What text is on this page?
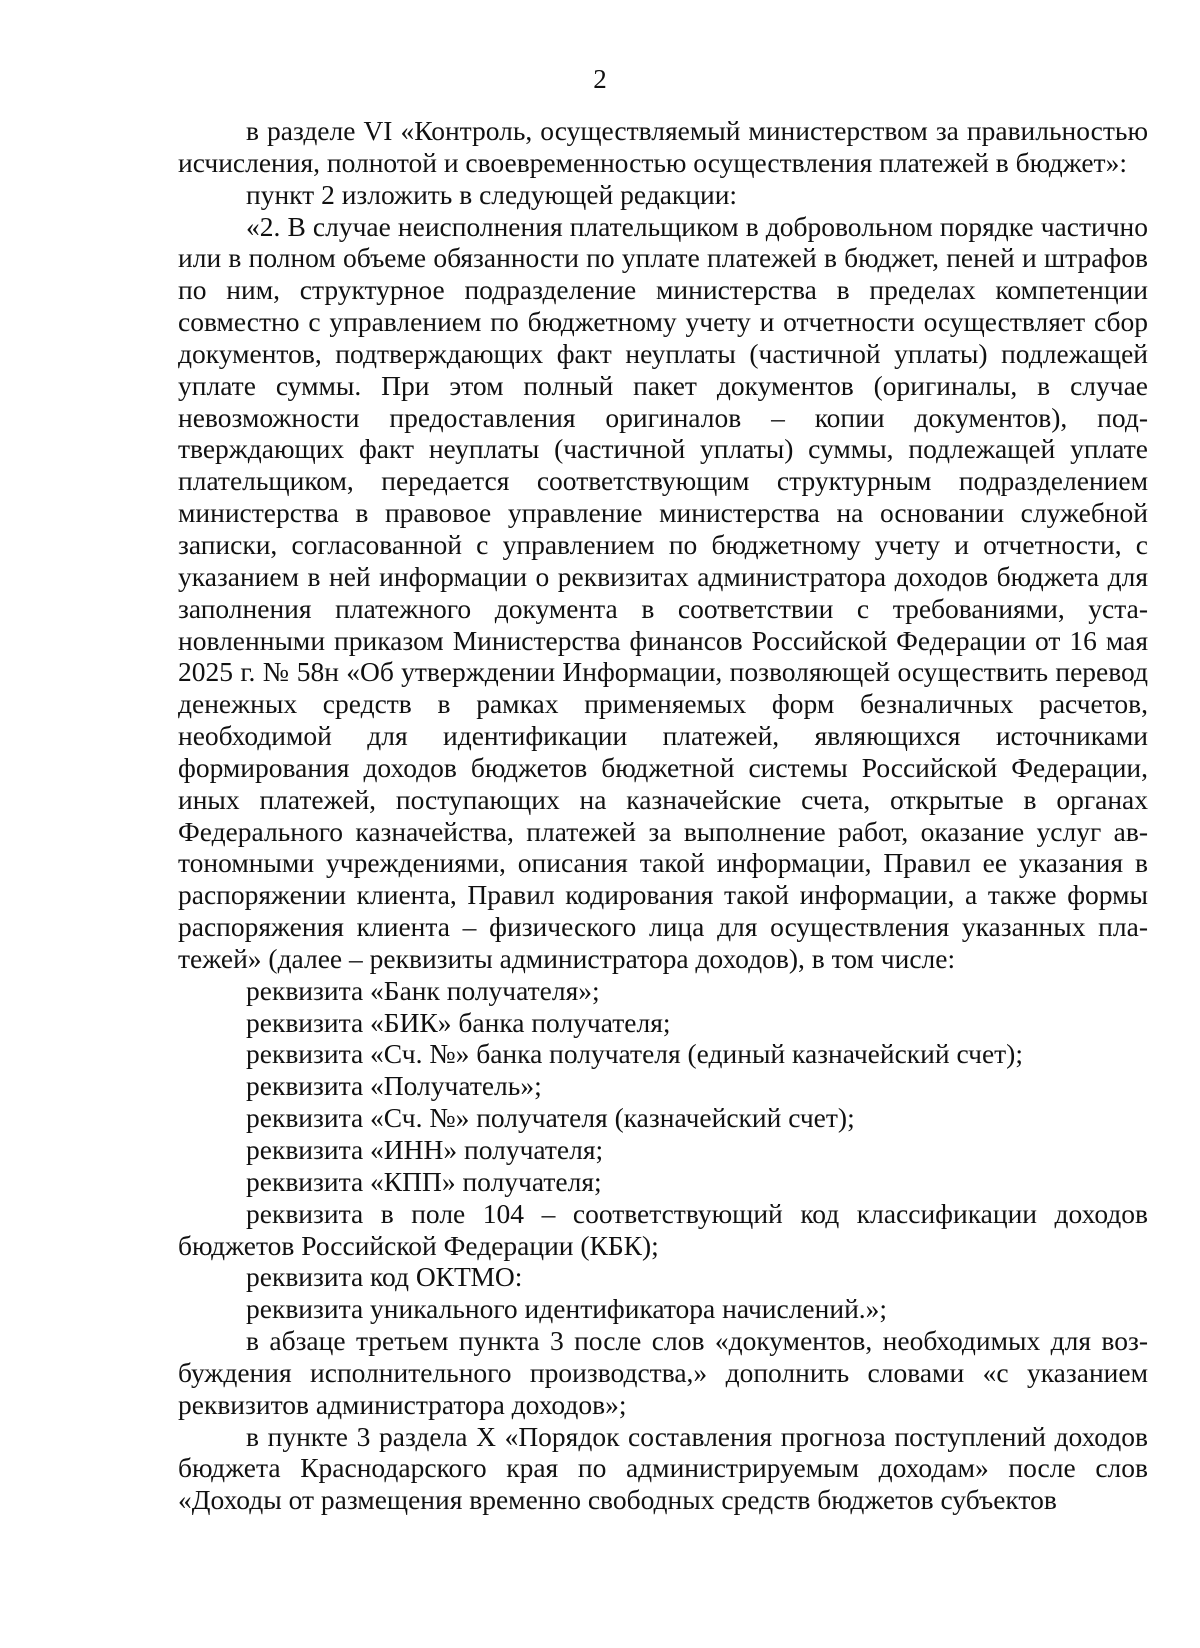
2

в разделе VI «Контроль, осуществляемый министерством за правильностью исчисления, полнотой и своевременностью осуществления платежей в бюджет»:

пункт 2 изложить в следующей редакции:

«2. В случае неисполнения плательщиком в добровольном порядке частично или в полном объеме обязанности по уплате платежей в бюджет, пеней и штрафов по ним, структурное подразделение министерства в пределах компетенции совместно с управлением по бюджетному учету и отчетности осуществляет сбор документов, подтверждающих факт неуплаты (частичной уплаты) подлежащей уплате суммы. При этом полный пакет документов (оригиналы, в случае невозможности предоставления оригиналов – копии документов), подтверждающих факт неуплаты (частичной уплаты) суммы, подлежащей уплате плательщиком, передается соответствующим структурным подразделением министерства в правовое управление министерства на основании служебной записки, согласованной с управлением по бюджетному учету и отчетности, с указанием в ней информации о реквизитах администратора доходов бюджета для заполнения платежного документа в соответствии с требованиями, установленными приказом Министерства финансов Российской Федерации от 16 мая 2025 г. № 58н «Об утверждении Информации, позволяющей осуществить перевод денежных средств в рамках применяемых форм безналичных расчетов, необходимой для идентификации платежей, являющихся источниками формирования доходов бюджетов бюджетной системы Российской Федерации, иных платежей, поступающих на казначейские счета, открытые в органах Федерального казначейства, платежей за выполнение работ, оказание услуг автономными учреждениями, описания такой информации, Правил ее указания в распоряжении клиента, Правил кодирования такой информации, а также формы распоряжения клиента – физического лица для осуществления указанных платежей» (далее – реквизиты администратора доходов), в том числе:

реквизита «Банк получателя»;

реквизита «БИК» банка получателя;

реквизита «Сч. №» банка получателя (единый казначейский счет);

реквизита «Получатель»;

реквизита «Сч. №» получателя (казначейский счет);

реквизита «ИНН» получателя;

реквизита «КПП» получателя;

реквизита в поле 104 – соответствующий код классификации доходов бюджетов Российской Федерации (КБК);

реквизита код ОКТМО:

реквизита уникального идентификатора начислений.»;

в абзаце третьем пункта 3 после слов «документов, необходимых для возбуждения исполнительного производства,» дополнить словами «с указанием реквизитов администратора доходов»;

в пункте 3 раздела X «Порядок составления прогноза поступлений доходов бюджета Краснодарского края по администрируемым доходам» после слов «Доходы от размещения временно свободных средств бюджетов субъектов
